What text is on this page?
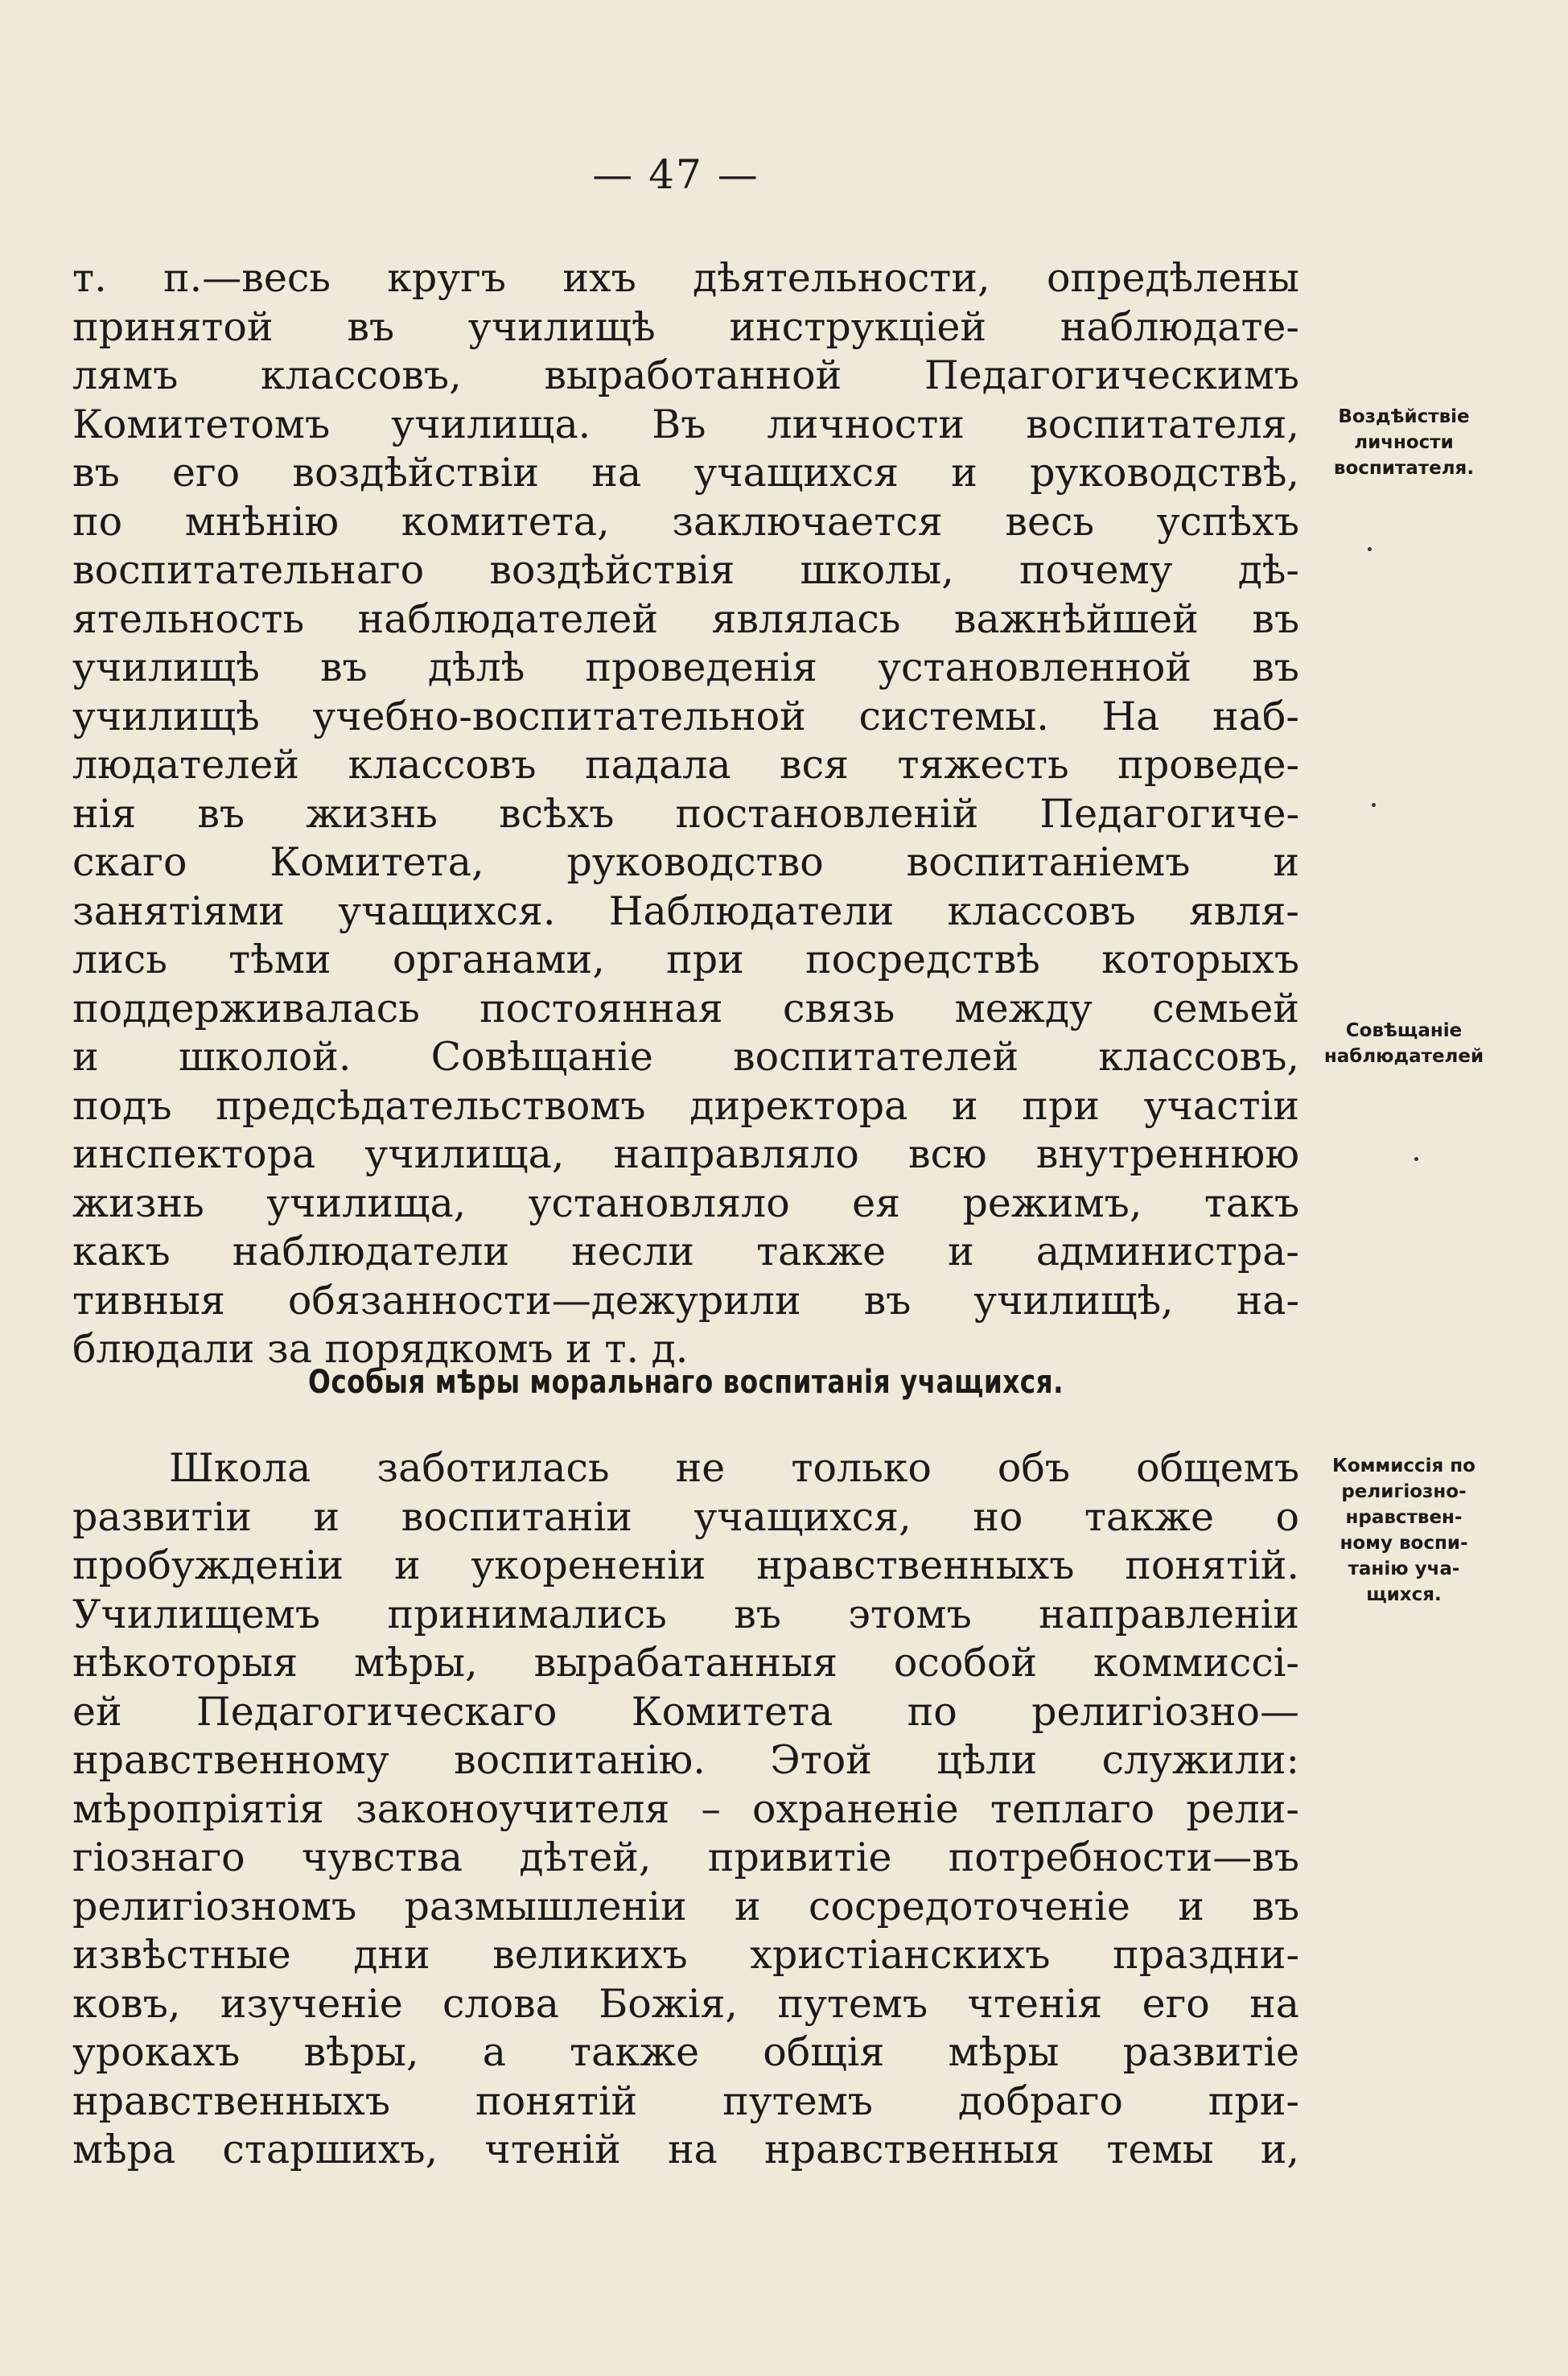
— 47 —

т. п.—весь кругъ ихъ дѣятельности, опредѣлены
принятой въ училищѣ инструкціей наблюдате-
лямъ классовъ, выработанной Педагогическимъ
Комитетомъ училища. Въ личности воспитателя,
въ его воздѣйствіи на учащихся и руководствѣ,
по мнѣнію комитета, заключается весь успѣхъ
воспитательнаго воздѣйствія школы, почему дѣ-
ятельность наблюдателей являлась важнѣйшей въ
училищѣ въ дѣлѣ проведенія установленной въ
училищѣ учебно-воспитательной системы. На наб-
людателей классовъ падала вся тяжесть проведе-
нія въ жизнь всѣхъ постановленій Педагогиче-
скаго Комитета, руководство воспитаніемъ и
занятіями учащихся. Наблюдатели классовъ явля-
лись тѣми органами, при посредствѣ которыхъ
поддерживалась постоянная связь между семьей
и школой. Совѣщаніе воспитателей классовъ,
подъ предсѣдательствомъ директора и при участіи
инспектора училища, направляло всю внутреннюю
жизнь училища, установляло ея режимъ, такъ
какъ наблюдатели несли также и администра-
тивныя обязанности—дежурили въ училищѣ, на-
блюдали за порядкомъ и т. д.

Особыя мѣры моральнаго воспитанія учащихся.

Школа заботилась не только объ общемъ
развитіи и воспитаніи учащихся, но также о
пробужденіи и укорененіи нравственныхъ понятій.
Училищемъ принимались въ этомъ направленіи
нѣкоторыя мѣры, вырабатанныя особой коммиссі-
ей Педагогическаго Комитета по религіозно—
нравственному воспитанію. Этой цѣли служили:
мѣропріятія законоучителя – охраненіе теплаго рели-
гіознаго чувства дѣтей, привитіе потребности—въ
религіозномъ размышленіи и сосредоточеніе и въ
извѣстные дни великихъ христіанскихъ праздни-
ковъ, изученіе слова Божія, путемъ чтенія его на
урокахъ вѣры, а также общія мѣры развитіе
нравственныхъ понятій путемъ добраго при-
мѣра старшихъ, чтеній на нравственныя темы и,

Воздѣйствіе
личности
воспитателя.
Совѣщаніе
наблюдателей
Коммиссія по
религіозно-
нравствен-
ному воспи-
танію уча-
щихся.
